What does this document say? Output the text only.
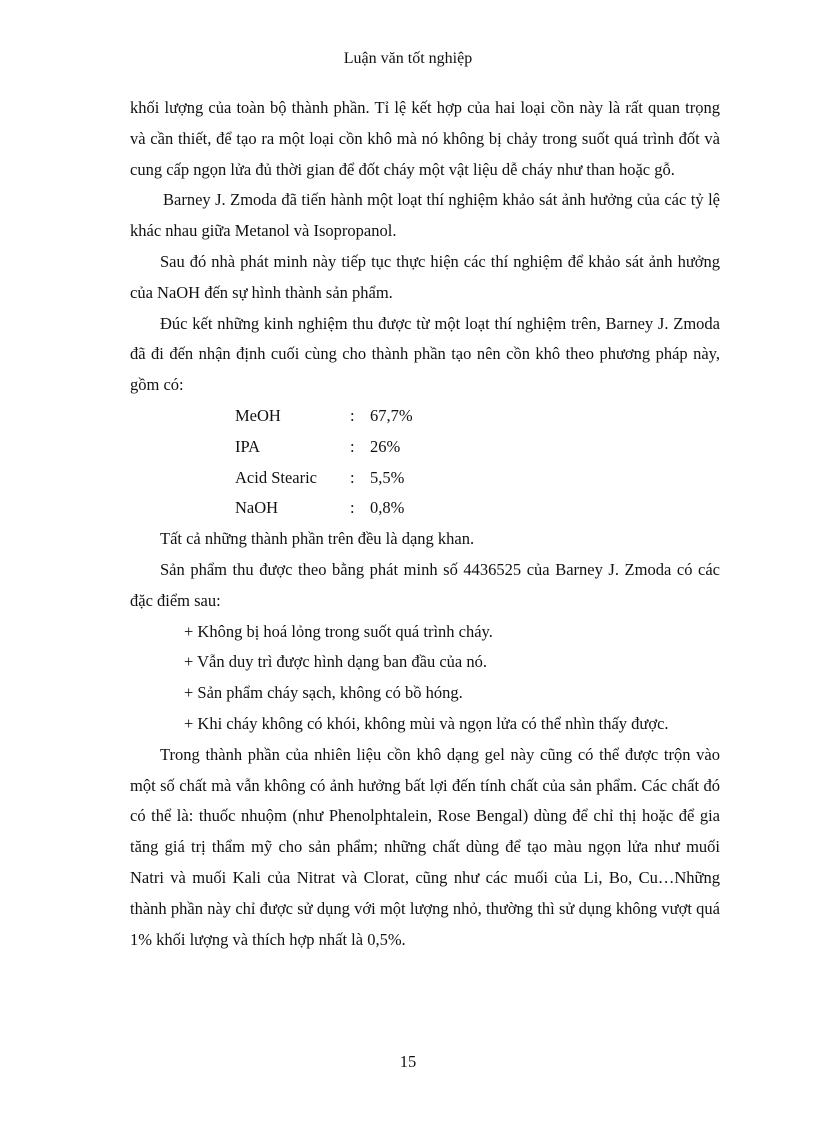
Luận văn tốt nghiệp

khối lượng của toàn bộ thành phần. Tỉ lệ kết hợp của hai loại cồn này là rất quan trọng và cần thiết, để tạo ra một loại cồn khô mà nó không bị chảy trong suốt quá trình đốt và cung cấp ngọn lửa đủ thời gian để đốt cháy một vật liệu dễ cháy như than hoặc gỗ.

Barney J. Zmoda đã tiến hành một loạt thí nghiệm khảo sát ảnh hưởng của các tỷ lệ khác nhau giữa Metanol và Isopropanol.

Sau đó nhà phát minh này tiếp tục thực hiện các thí nghiệm để khảo sát ảnh hưởng của NaOH đến sự hình thành sản phẩm.

Đúc kết những kinh nghiệm thu được từ một loạt thí nghiệm trên, Barney J. Zmoda đã đi đến nhận định cuối cùng cho thành phần tạo nên cồn khô theo phương pháp này, gồm có:

MeOH	: 67,7%
IPA	: 26%
Acid Stearic	: 5,5%
NaOH	: 0,8%

Tất cả những thành phần trên đều là dạng khan.

Sản phẩm thu được theo bằng phát minh số 4436525 của Barney J. Zmoda có các đặc điểm sau:

+ Không bị hoá lỏng trong suốt quá trình cháy.
+ Vẫn duy trì được hình dạng ban đầu của nó.
+ Sản phẩm cháy sạch, không có bồ hóng.
+ Khi cháy không có khói, không mùi và ngọn lửa có thể nhìn thấy được.

Trong thành phần của nhiên liệu cồn khô dạng gel này cũng có thể được trộn vào một số chất mà vẫn không có ảnh hưởng bất lợi đến tính chất của sản phẩm. Các chất đó có thể là: thuốc nhuộm (như Phenolphtalein, Rose Bengal) dùng để chỉ thị hoặc để gia tăng giá trị thẩm mỹ cho sản phẩm; những chất dùng để tạo màu ngọn lửa như muối Natri và muối Kali của Nitrat và Clorat, cũng như các muối của Li, Bo, Cu…Những thành phần này chỉ được sử dụng với một lượng nhỏ, thường thì sử dụng không vượt quá 1% khối lượng và thích hợp nhất là 0,5%.

15
